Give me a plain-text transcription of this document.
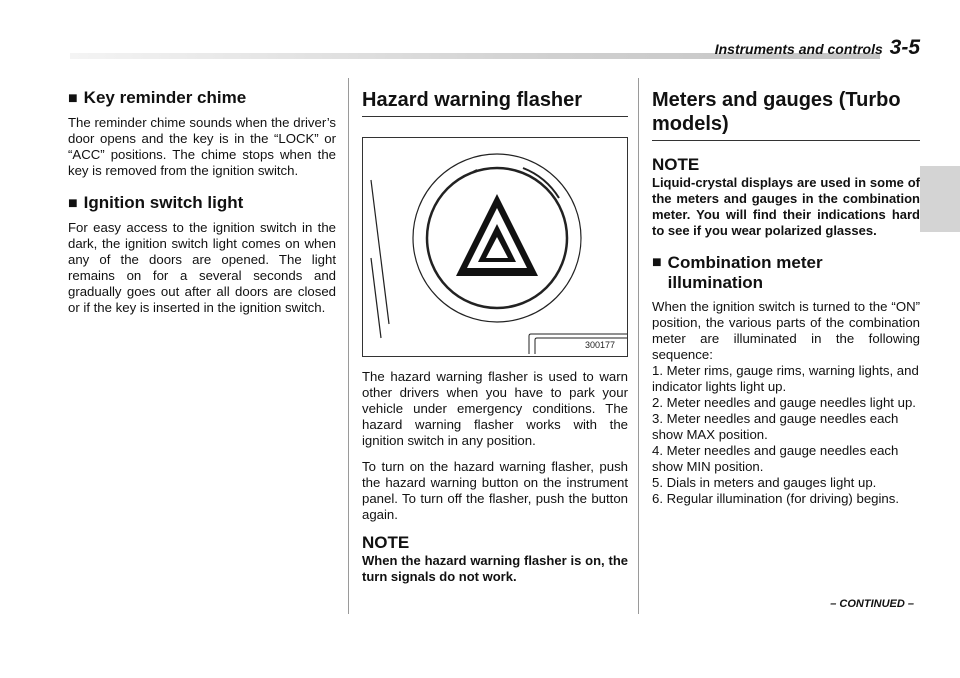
Instruments and controls 3-5
■ Key reminder chime

The reminder chime sounds when the driver’s door opens and the key is in the “LOCK” or “ACC” positions. The chime stops when the key is removed from the ignition switch.

■ Ignition switch light

For easy access to the ignition switch in the dark, the ignition switch light comes on when any of the doors are opened. The light remains on for a several seconds and gradually goes out after all doors are closed or if the key is inserted in the ignition switch.

Hazard warning flasher
300177

The hazard warning flasher is used to warn other drivers when you have to park your vehicle under emergency conditions. The hazard warning flasher works with the ignition switch in any position.

To turn on the hazard warning flasher, push the hazard warning button on the instrument panel. To turn off the flasher, push the button again.

NOTE

When the hazard warning flasher is on, the turn signals do not work.

Meters and gauges (Turbo models)
NOTE

Liquid-crystal displays are used in some of the meters and gauges in the combination meter. You will find their indications hard to see if you wear polarized glasses.

■ Combination meter illumination

When the ignition switch is turned to the “ON” position, the various parts of the combination meter are illuminated in the following sequence:

1. Meter rims, gauge rims, warning lights, and indicator lights light up.
2. Meter needles and gauge needles light up.
3. Meter needles and gauge needles each show MAX position.
4. Meter needles and gauge needles each show MIN position.
5. Dials in meters and gauges light up.
6. Regular illumination (for driving) begins.
– CONTINUED –
